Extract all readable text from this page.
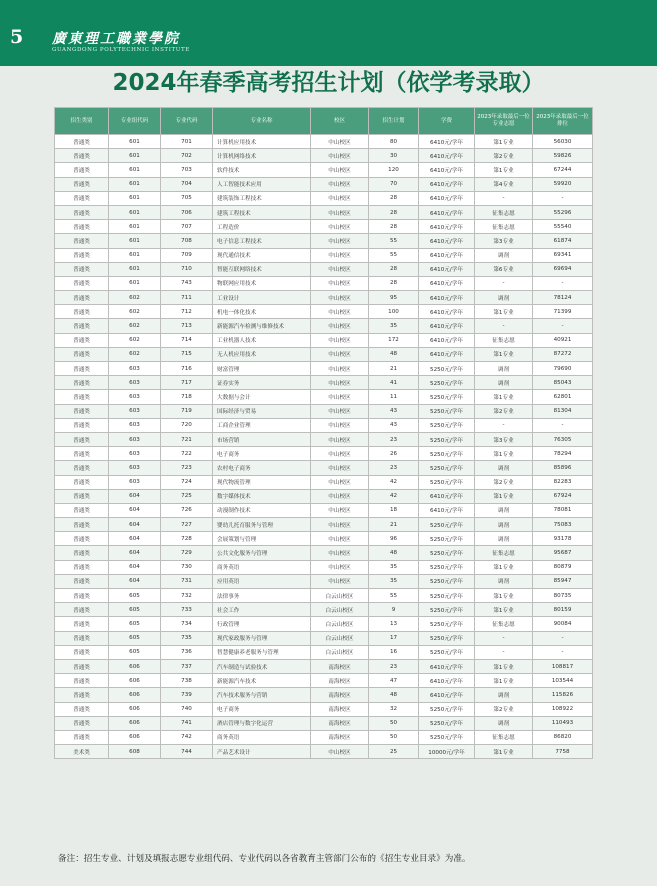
5 廣東理工職業學院
GUANGDONG POLYTECHNIC INSTITUTE
2024年春季高考招生计划（依学考录取）
招生类别	专业组代码	专业代码	专业名称	校区	招生计划	学费	2023年录取最后一位专业志愿	2023年录取最后一位排位
普通类	601	701	计算机应用技术	中山校区	80	6410元/学年	第1专业	56030
普通类	601	702	计算机网络技术	中山校区	30	6410元/学年	第2专业	59826
普通类	601	703	软件技术	中山校区	120	6410元/学年	第1专业	67244
普通类	601	704	人工智能技术应用	中山校区	70	6410元/学年	第4专业	59920
普通类	601	705	建筑装饰工程技术	中山校区	28	6410元/学年	-	-
普通类	601	706	建筑工程技术	中山校区	28	6410元/学年	征集志愿	55296
普通类	601	707	工程造价	中山校区	28	6410元/学年	征集志愿	55540
普通类	601	708	电子信息工程技术	中山校区	55	6410元/学年	第3专业	61874
普通类	601	709	现代通信技术	中山校区	55	6410元/学年	调剂	69341
普通类	601	710	智能互联网络技术	中山校区	28	6410元/学年	第6专业	69694
普通类	601	743	物联网应用技术	中山校区	28	6410元/学年	-	-
普通类	602	711	工业设计	中山校区	95	6410元/学年	调剂	78124
普通类	602	712	机电一体化技术	中山校区	100	6410元/学年	第1专业	71399
普通类	602	713	新能源汽车检测与维修技术	中山校区	35	6410元/学年	-	-
普通类	602	714	工业机器人技术	中山校区	172	6410元/学年	征集志愿	40921
普通类	602	715	无人机应用技术	中山校区	48	6410元/学年	第1专业	87272
普通类	603	716	财富管理	中山校区	21	5250元/学年	调剂	79690
普通类	603	717	证券实务	中山校区	41	5250元/学年	调剂	85043
普通类	603	718	大数据与会计	中山校区	11	5250元/学年	第1专业	62801
普通类	603	719	国际经济与贸易	中山校区	43	5250元/学年	第2专业	81304
普通类	603	720	工商企业管理	中山校区	43	5250元/学年	-	-
普通类	603	721	市场营销	中山校区	23	5250元/学年	第3专业	76305
普通类	603	722	电子商务	中山校区	26	5250元/学年	第1专业	78294
普通类	603	723	农村电子商务	中山校区	23	5250元/学年	调剂	85896
普通类	603	724	现代物流管理	中山校区	42	5250元/学年	第2专业	82283
普通类	604	725	数字媒体技术	中山校区	42	6410元/学年	第1专业	67924
普通类	604	726	动漫制作技术	中山校区	18	6410元/学年	调剂	78081
普通类	604	727	婴幼儿托育服务与管理	中山校区	21	5250元/学年	调剂	75083
普通类	604	728	会展策划与管理	中山校区	96	5250元/学年	调剂	93178
普通类	604	729	公共文化服务与管理	中山校区	48	5250元/学年	征集志愿	95687
普通类	604	730	商务英语	中山校区	35	5250元/学年	第1专业	80879
普通类	604	731	应用英语	中山校区	35	5250元/学年	调剂	85947
普通类	605	732	法律事务	白云山校区	55	5250元/学年	第1专业	80735
普通类	605	733	社会工作	白云山校区	9	5250元/学年	第1专业	80159
普通类	605	734	行政管理	白云山校区	13	5250元/学年	征集志愿	90084
普通类	605	735	现代家政服务与管理	白云山校区	17	5250元/学年	-	-
普通类	605	736	智慧健康养老服务与管理	白云山校区	16	5250元/学年	-	-
普通类	606	737	汽车制造与试验技术	南海校区	23	6410元/学年	第1专业	108817
普通类	606	738	新能源汽车技术	南海校区	47	6410元/学年	第1专业	103544
普通类	606	739	汽车技术服务与营销	南海校区	48	6410元/学年	调剂	115826
普通类	606	740	电子商务	南海校区	32	5250元/学年	第2专业	108922
普通类	606	741	酒店管理与数字化运营	南海校区	50	5250元/学年	调剂	110493
普通类	606	742	商务英语	南海校区	50	5250元/学年	征集志愿	86820
美术类	608	744	产品艺术设计	中山校区	25	10000元/学年	第1专业	7758
备注：招生专业、计划及填报志愿专业组代码、专业代码以各省教育主管部门公布的《招生专业目录》为准。
